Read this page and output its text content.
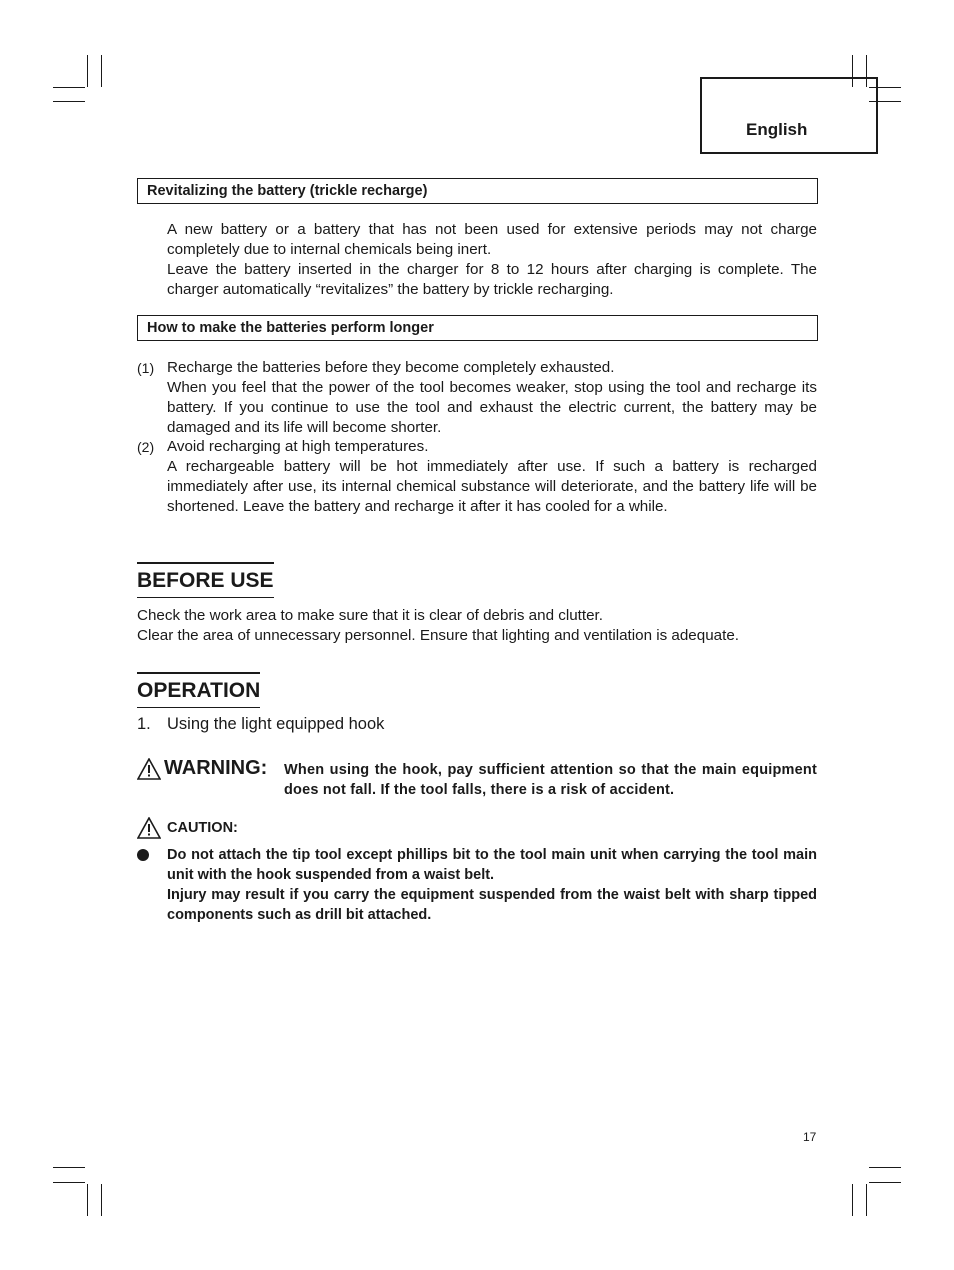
English
Revitalizing the battery (trickle recharge)
A new battery or a battery that has not been used for extensive periods may not charge completely due to internal chemicals being inert.
Leave the battery inserted in the charger for 8 to 12 hours after charging is complete. The charger automatically “revitalizes” the battery by trickle recharging.
How to make the batteries perform longer
(1) Recharge the batteries before they become completely exhausted.
When you feel that the power of the tool becomes weaker, stop using the tool and recharge its battery. If you continue to use the tool and exhaust the electric current, the battery may be damaged and its life will become shorter.
(2) Avoid recharging at high temperatures.
A rechargeable battery will be hot immediately after use. If such a battery is recharged immediately after use, its internal chemical substance will deteriorate, and the battery life will be shortened. Leave the battery and recharge it after it has cooled for a while.
BEFORE USE
Check the work area to make sure that it is clear of debris and clutter.
Clear the area of unnecessary personnel. Ensure that lighting and ventilation is adequate.
OPERATION
1. Using the light equipped hook
WARNING: When using the hook, pay sufficient attention so that the main equipment does not fall. If the tool falls, there is a risk of accident.
CAUTION:
Do not attach the tip tool except phillips bit to the tool main unit when carrying the tool main unit with the hook suspended from a waist belt.
Injury may result if you carry the equipment suspended from the waist belt with sharp tipped components such as drill bit attached.
17
